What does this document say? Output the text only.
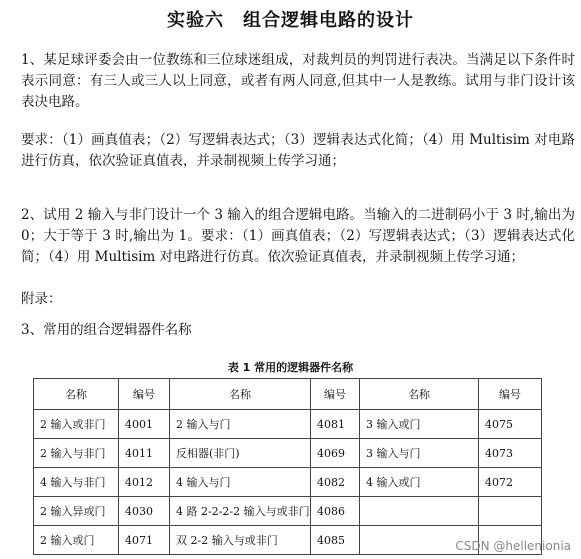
实验六　组合逻辑电路的设计
1、某足球评委会由一位教练和三位球迷组成，对裁判员的判罚进行表决。当满足以下条件时表示同意：有三人或三人以上同意，或者有两人同意,但其中一人是教练。试用与非门设计该表决电路。
要求：（1）画真值表；（2）写逻辑表达式；（3）逻辑表达式化简；（4）用 Multisim 对电路进行仿真，依次验证真值表，并录制视频上传学习通；
2、试用 2 输入与非门设计一个 3 输入的组合逻辑电路。当输入的二进制码小于 3 时,输出为 0；大于等于 3 时,输出为 1。要求：（1）画真值表；（2）写逻辑表达式；（3）逻辑表达式化简；（4）用 Multisim 对电路进行仿真。依次验证真值表，并录制视频上传学习通；
附录：
3、常用的组合逻辑器件名称
表 1 常用的逻辑器件名称
名称	编号	名称	编号	名称	编号
2 输入或非门	4001	2 输入与门	4081	3 输入或门	4075
2 输入与非门	4011	反相器(非门)	4069	3 输入与门	4073
4 输入与非门	4012	4 输入与门	4082	4 输入或门	4072
2 输入异或门	4030	4 路 2-2-2-2 输入与或非门	4086		
2 输入或门	4071	双 2-2 输入与或非门	4085			CSDN @hellenionia
